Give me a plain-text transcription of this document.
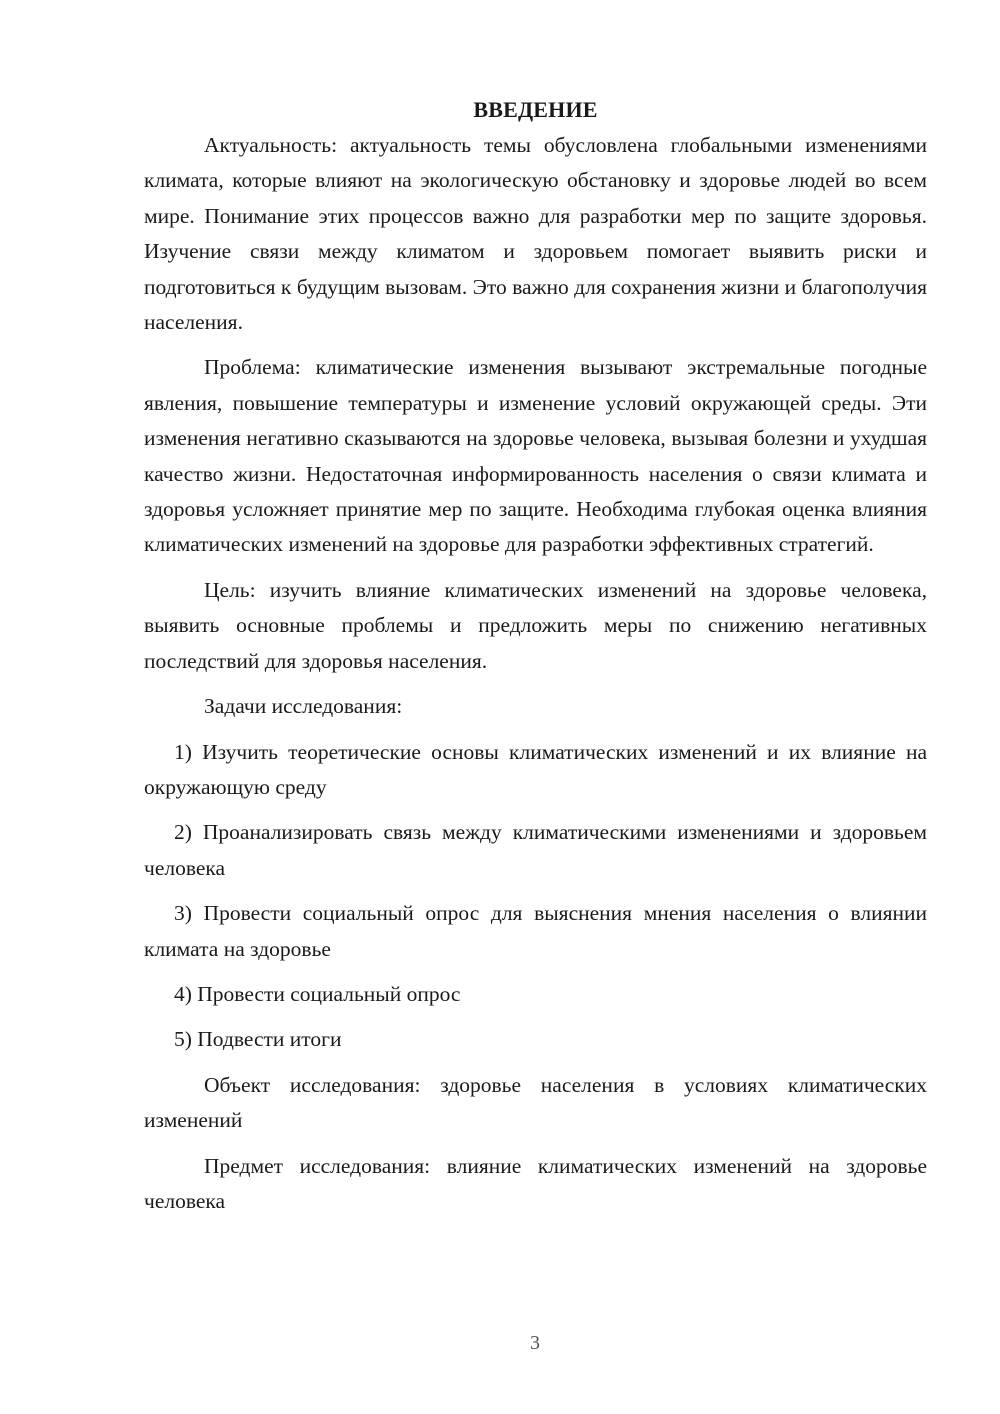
ВВЕДЕНИЕ

Актуальность: актуальность темы обусловлена глобальными изменениями климата, которые влияют на экологическую обстановку и здоровье людей во всем мире. Понимание этих процессов важно для разработки мер по защите здоровья. Изучение связи между климатом и здоровьем помогает выявить риски и подготовиться к будущим вызовам. Это важно для сохранения жизни и благополучия населения.

Проблема: климатические изменения вызывают экстремальные погодные явления, повышение температуры и изменение условий окружающей среды. Эти изменения негативно сказываются на здоровье человека, вызывая болезни и ухудшая качество жизни. Недостаточная информированность населения о связи климата и здоровья усложняет принятие мер по защите. Необходима глубокая оценка влияния климатических изменений на здоровье для разработки эффективных стратегий.

Цель: изучить влияние климатических изменений на здоровье человека, выявить основные проблемы и предложить меры по снижению негативных последствий для здоровья населения.

Задачи исследования:

1) Изучить теоретические основы климатических изменений и их влияние на окружающую среду

2) Проанализировать связь между климатическими изменениями и здоровьем человека

3) Провести социальный опрос для выяснения мнения населения о влиянии климата на здоровье

4) Провести социальный опрос

5) Подвести итоги

Объект исследования: здоровье населения в условиях климатических изменений

Предмет исследования: влияние климатических изменений на здоровье человека

3
